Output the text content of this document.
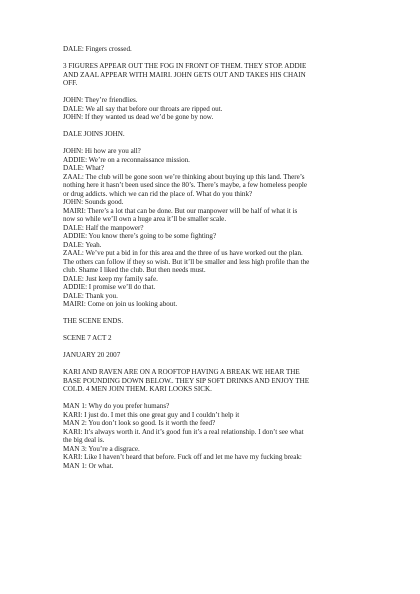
DALE: Fingers crossed.
3 FIGURES APPEAR OUT THE FOG IN FRONT OF THEM. THEY STOP. ADDIE
AND ZAAL APPEAR WITH MAIRI. JOHN GETS OUT AND TAKES HIS CHAIN
OFF.
JOHN: They’re friendlies.
DALE: We all say that before our throats are ripped out.
JOHN: If they wanted us dead we’d be gone by now.
DALE JOINS JOHN.
JOHN: Hi how are you all?
ADDIE: We’re on a reconnaissance mission.
DALE: What?
ZAAL: The club will be gone soon we’re thinking about buying up this land. There’s
nothing here it hasn’t been used since the 80’s. There’s maybe, a few homeless people
or drug addicts. which we can rid the place of. What do you think?
JOHN: Sounds good.
MAIRI: There’s a lot that can be done. But our manpower will be half of what it is
now so while we’ll own a huge area it’ll be smaller scale.
DALE: Half the manpower?
ADDIE: You know there’s going to be some fighting?
DALE: Yeah.
ZAAL: We’ve put a bid in for this area and the three of us have worked out the plan.
The others can follow if they so wish. But it’ll be smaller and less high profile than the
club. Shame I liked the club. But then needs must.
DALE: Just keep my family safe.
ADDIE: I promise we’ll do that.
DALE: Thank you.
MAIRI: Come on join us looking about.
THE SCENE ENDS.
SCENE 7 ACT 2
JANUARY 20 2007
KARI AND RAVEN ARE ON A ROOFTOP HAVING A BREAK WE HEAR THE
BASE POUNDING DOWN BELOW.. THEY SIP SOFT DRINKS AND ENJOY THE
COLD. 4 MEN JOIN THEM. KARI LOOKS SICK.
MAN 1: Why do you prefer humans?
KARI: I just do. I met this one great guy and I couldn’t help it
MAN 2: You don’t look so good. Is it worth the feed?
KARI: It’s always worth it. And it’s good fun it’s a real relationship. I don’t see what
the big deal is.
MAN 3: You’re a disgrace.
KARI: Like I haven’t heard that before. Fuck off and let me have my fucking break:
MAN 1: Or what.
